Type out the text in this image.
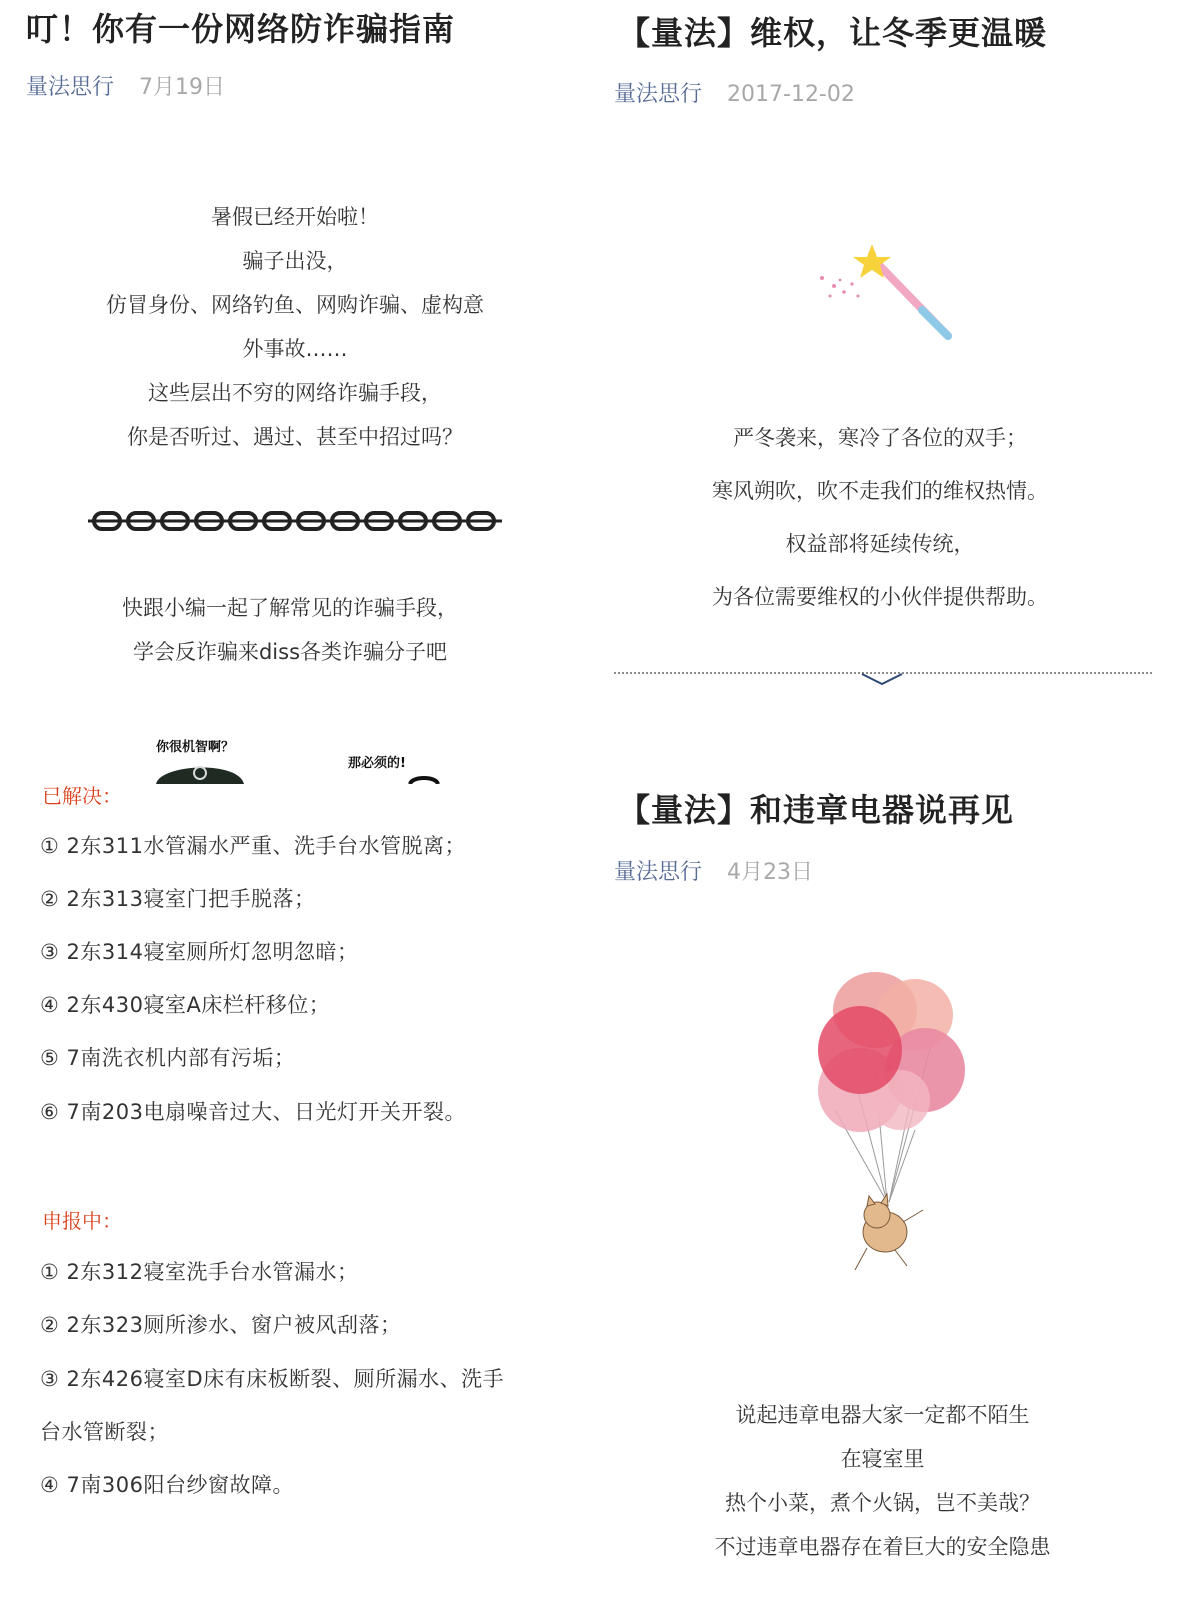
叮！你有一份网络防诈骗指南
量法思行 7月19日
暑假已经开始啦！
骗子出没，
仿冒身份、网络钓鱼、网购诈骗、虚构意
外事故……
这些层出不穷的网络诈骗手段，
你是否听过、遇过、甚至中招过吗？
快跟小编一起了解常见的诈骗手段，
学会反诈骗来diss各类诈骗分子吧
你很机智啊？
那必须的!
已解决：
① 2东311水管漏水严重、洗手台水管脱离；
② 2东313寝室门把手脱落；
③ 2东314寝室厕所灯忽明忽暗；
④ 2东430寝室A床栏杆移位；
⑤ 7南洗衣机内部有污垢；
⑥ 7南203电扇噪音过大、日光灯开关开裂。
申报中：
① 2东312寝室洗手台水管漏水；
② 2东323厕所渗水、窗户被风刮落；
③ 2东426寝室D床有床板断裂、厕所漏水、洗手
台水管断裂；
④ 7南306阳台纱窗故障。
【量法】维权，让冬季更温暖
量法思行 2017-12-02
严冬袭来，寒冷了各位的双手；
寒风朔吹，吹不走我们的维权热情。
权益部将延续传统，
为各位需要维权的小伙伴提供帮助。
【量法】和违章电器说再见
量法思行 4月23日
说起违章电器大家一定都不陌生
在寝室里
热个小菜，煮个火锅，岂不美哉？
不过违章电器存在着巨大的安全隐患
